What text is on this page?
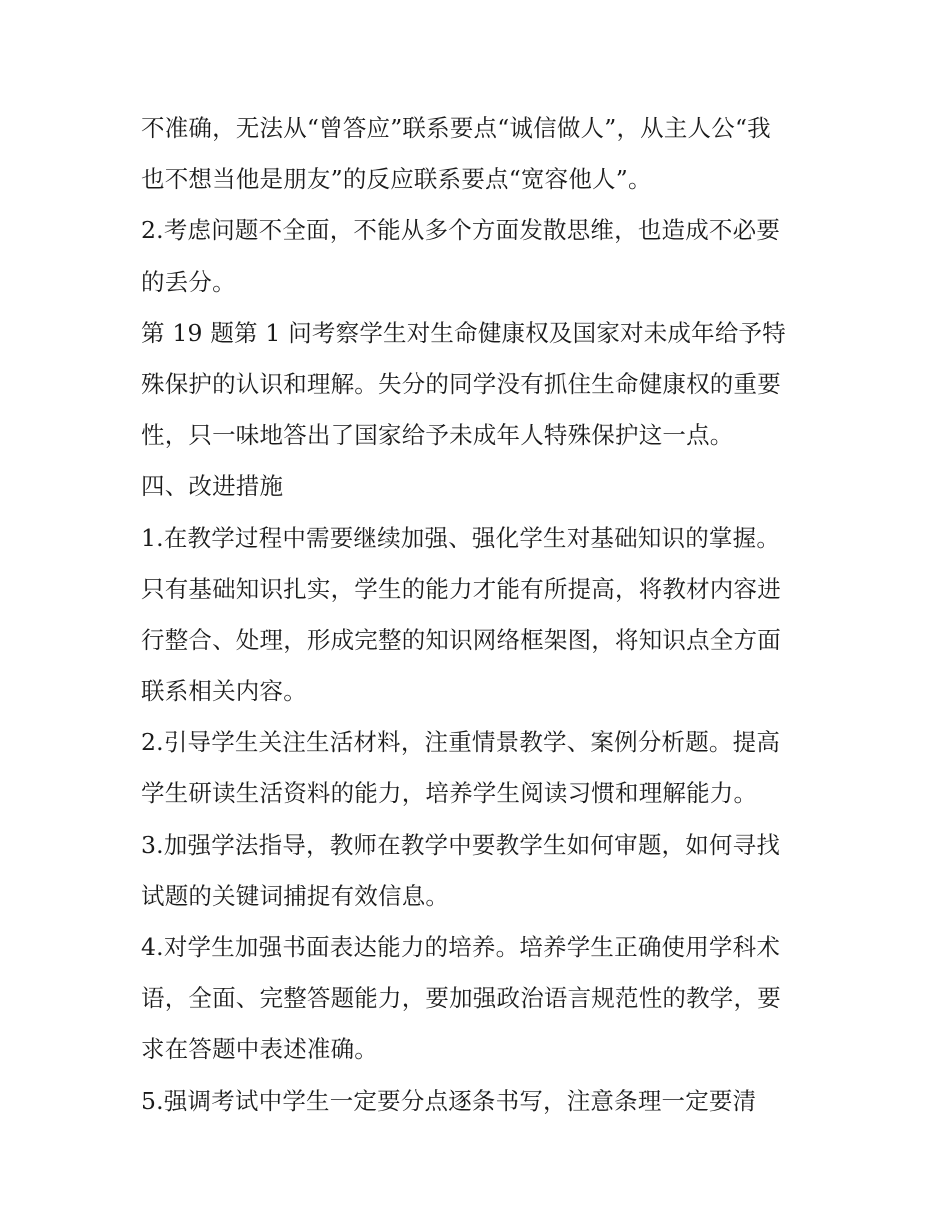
不准确，无法从“曾答应”联系要点“诚信做人”，从主人公“我
也不想当他是朋友”的反应联系要点“宽容他人”。
2.考虑问题不全面，不能从多个方面发散思维，也造成不必要
的丢分。
第 19 题第 1 问考察学生对生命健康权及国家对未成年给予特
殊保护的认识和理解。失分的同学没有抓住生命健康权的重要
性，只一味地答出了国家给予未成年人特殊保护这一点。
四、改进措施
1.在教学过程中需要继续加强、强化学生对基础知识的掌握。
只有基础知识扎实，学生的能力才能有所提高，将教材内容进
行整合、处理，形成完整的知识网络框架图，将知识点全方面
联系相关内容。
2.引导学生关注生活材料，注重情景教学、案例分析题。提高
学生研读生活资料的能力，培养学生阅读习惯和理解能力。
3.加强学法指导，教师在教学中要教学生如何审题，如何寻找
试题的关键词捕捉有效信息。
4.对学生加强书面表达能力的培养。培养学生正确使用学科术
语，全面、完整答题能力，要加强政治语言规范性的教学，要
求在答题中表述准确。
5.强调考试中学生一定要分点逐条书写，注意条理一定要清
